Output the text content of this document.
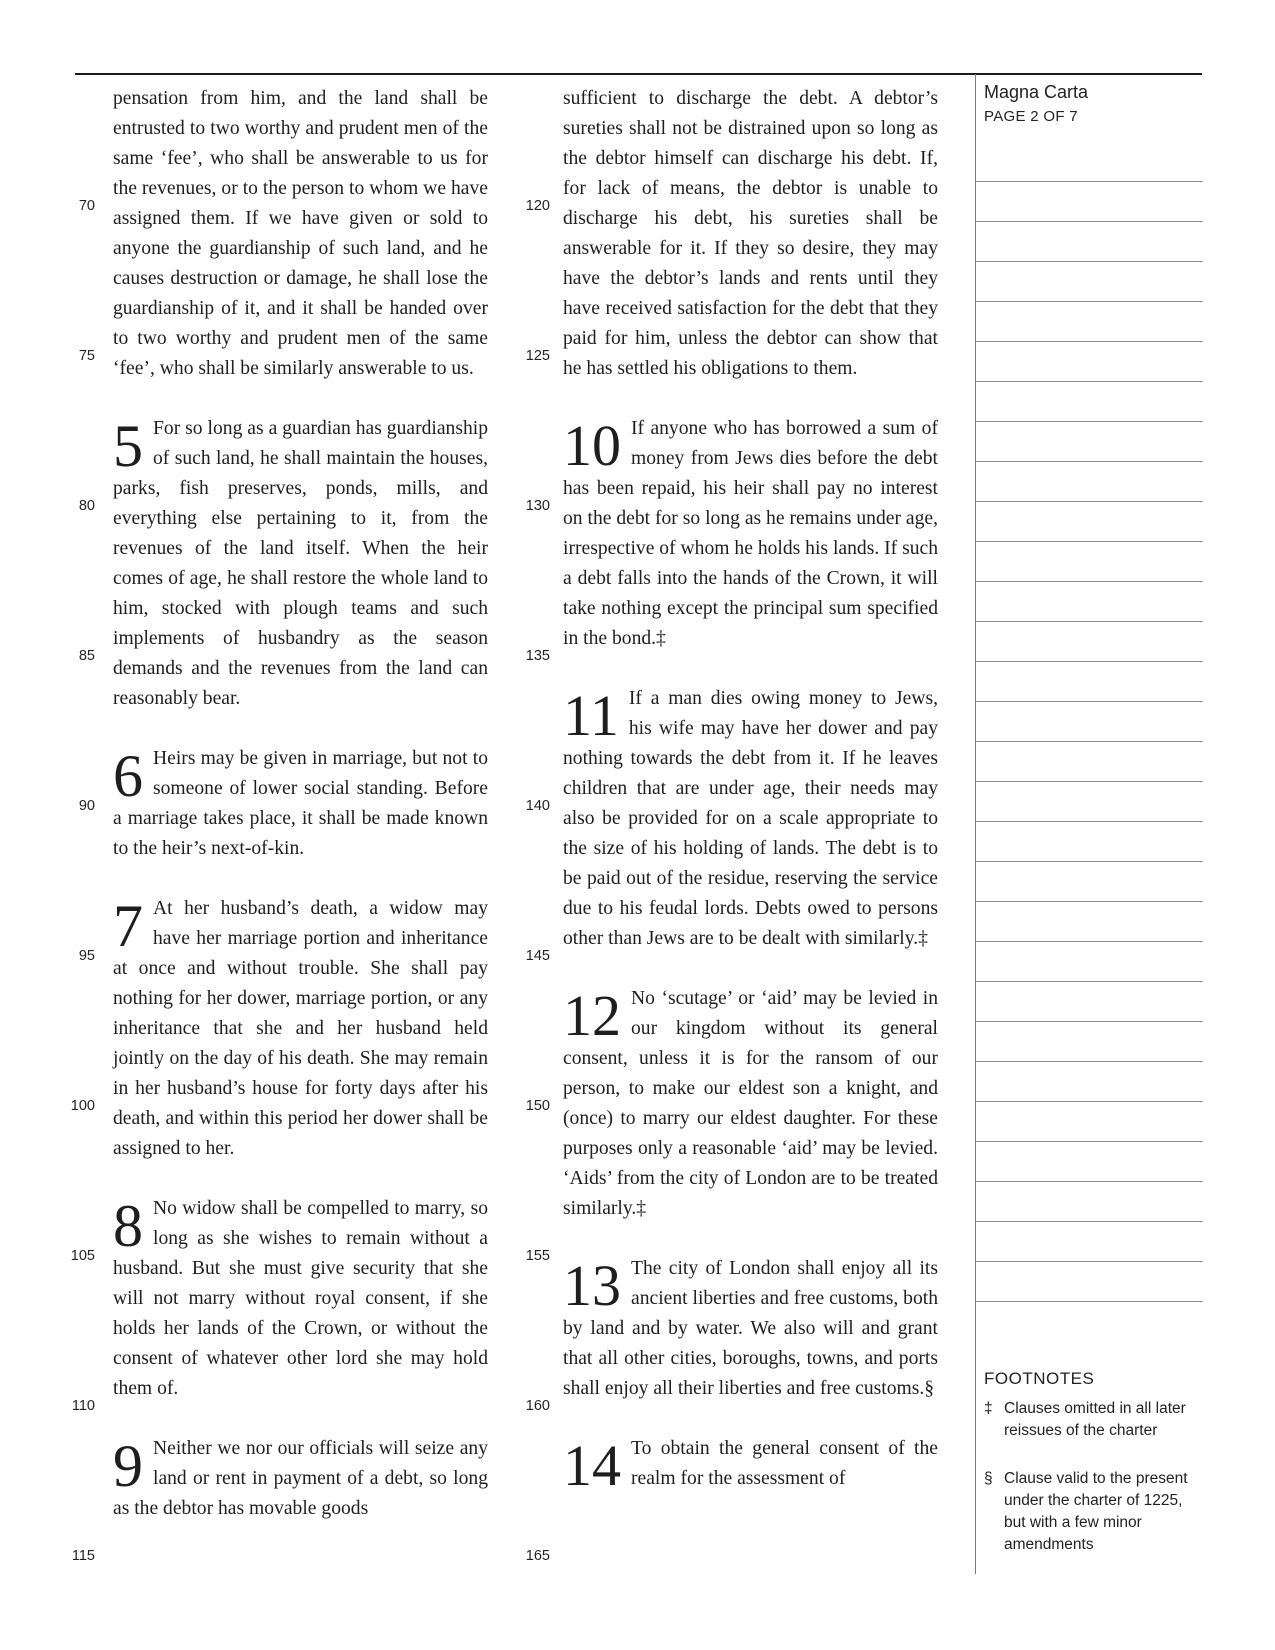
70
75
80
85
90
95
100
105
110
115
120
125
130
135
140
145
150
155
160
165

pensation from him, and the land shall be entrusted to two worthy and prudent men of the same ‘fee’, who shall be answerable to us for the revenues, or to the person to whom we have assigned them. If we have given or sold to anyone the guardianship of such land, and he causes destruction or damage, he shall lose the guardianship of it, and it shall be handed over to two worthy and prudent men of the same ‘fee’, who shall be similarly answerable to us.

5 For so long as a guardian has guardianship of such land, he shall maintain the houses, parks, fish preserves, ponds, mills, and everything else pertaining to it, from the revenues of the land itself. When the heir comes of age, he shall restore the whole land to him, stocked with plough teams and such implements of husbandry as the season demands and the revenues from the land can reasonably bear.

6 Heirs may be given in marriage, but not to someone of lower social standing. Before a marriage takes place, it shall be made known to the heir’s next-of-kin.

7 At her husband’s death, a widow may have her marriage portion and inheritance at once and without trouble. She shall pay nothing for her dower, marriage portion, or any inheritance that she and her husband held jointly on the day of his death. She may remain in her husband’s house for forty days after his death, and within this period her dower shall be assigned to her.

8 No widow shall be compelled to marry, so long as she wishes to remain without a husband. But she must give security that she will not marry without royal consent, if she holds her lands of the Crown, or without the consent of whatever other lord she may hold them of.

9 Neither we nor our officials will seize any land or rent in payment of a debt, so long as the debtor has movable goods

sufficient to discharge the debt. A debtor’s sureties shall not be distrained upon so long as the debtor himself can discharge his debt. If, for lack of means, the debtor is unable to discharge his debt, his sureties shall be answerable for it. If they so desire, they may have the debtor’s lands and rents until they have received satisfaction for the debt that they paid for him, unless the debtor can show that he has settled his obligations to them.

10 If anyone who has borrowed a sum of money from Jews dies before the debt has been repaid, his heir shall pay no interest on the debt for so long as he remains under age, irrespective of whom he holds his lands. If such a debt falls into the hands of the Crown, it will take nothing except the principal sum specified in the bond.‡

11 If a man dies owing money to Jews, his wife may have her dower and pay nothing towards the debt from it. If he leaves children that are under age, their needs may also be provided for on a scale appropriate to the size of his holding of lands. The debt is to be paid out of the residue, reserving the service due to his feudal lords. Debts owed to persons other than Jews are to be dealt with similarly.‡

12 No ‘scutage’ or ‘aid’ may be levied in our kingdom without its general consent, unless it is for the ransom of our person, to make our eldest son a knight, and (once) to marry our eldest daughter. For these purposes only a reasonable ‘aid’ may be levied. ‘Aids’ from the city of London are to be treated similarly.‡

13 The city of London shall enjoy all its ancient liberties and free customs, both by land and by water. We also will and grant that all other cities, boroughs, towns, and ports shall enjoy all their liberties and free customs.§

14 To obtain the general consent of the realm for the assessment of

Magna Carta
PAGE 2 OF 7
FOOTNOTES
‡ Clauses omitted in all later reissues of the charter
§ Clause valid to the present under the charter of 1225, but with a few minor amendments
